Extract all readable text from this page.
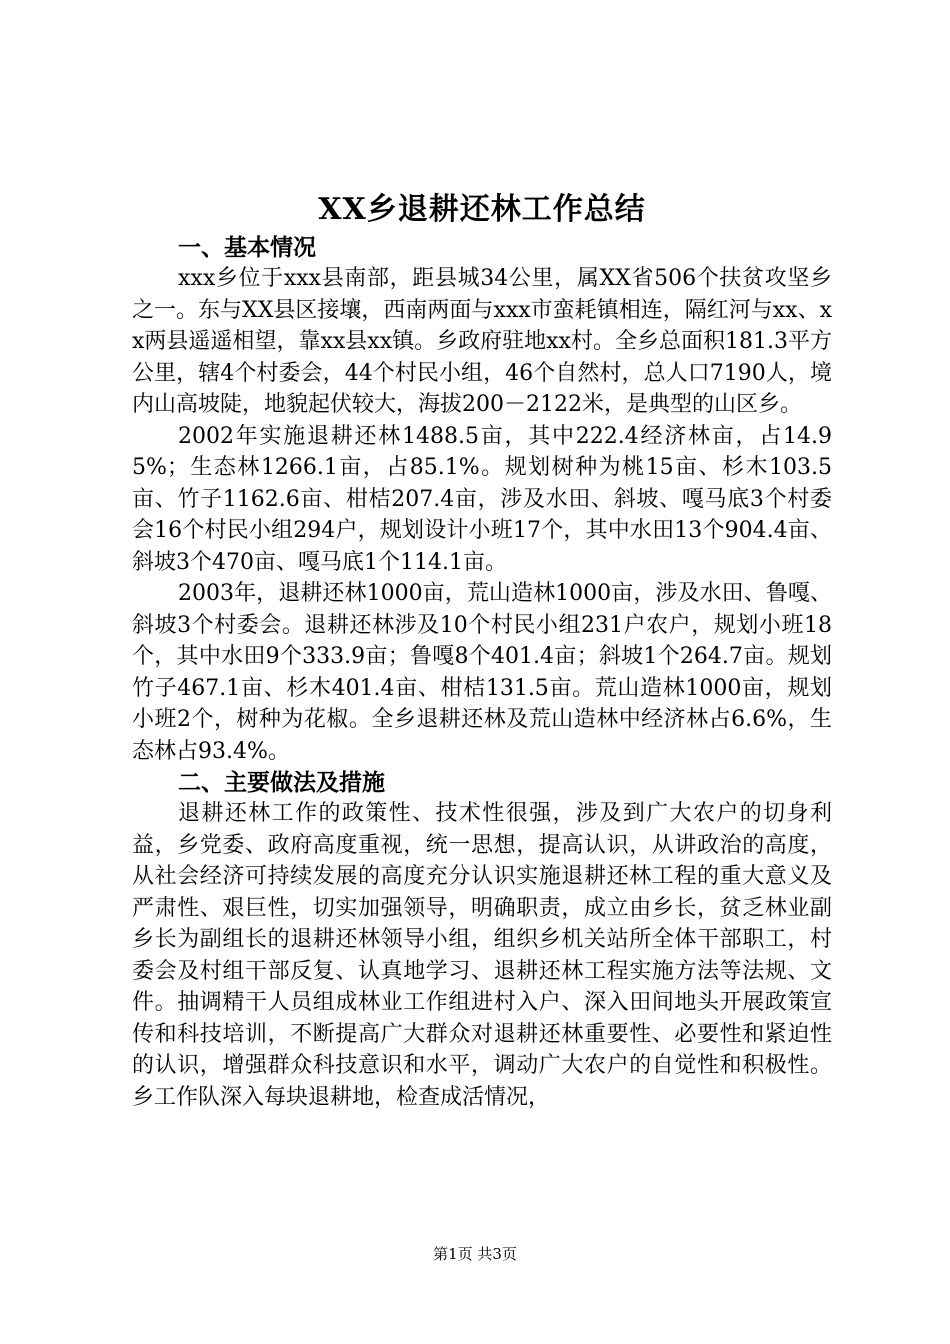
XX乡退耕还林工作总结
一、基本情况

xxx乡位于xxx县南部，距县城34公里，属XX省506个扶贫攻坚乡之一。东与XX县区接壤，西南两面与xxx市蛮耗镇相连，隔红河与xx、xx两县遥遥相望，靠xx县xx镇。乡政府驻地xx村。全乡总面积181.3平方公里，辖4个村委会，44个村民小组，46个自然村，总人口7190人，境内山高坡陡，地貌起伏较大，海拔200－2122米，是典型的山区乡。

2002年实施退耕还林1488.5亩，其中222.4经济林亩，占14.95%；生态林1266.1亩，占85.1%。规划树种为桃15亩、杉木103.5亩、竹子1162.6亩、柑桔207.4亩，涉及水田、斜坡、嘎马底3个村委会16个村民小组294户，规划设计小班17个，其中水田13个904.4亩、斜坡3个470亩、嘎马底1个114.1亩。

2003年，退耕还林1000亩，荒山造林1000亩，涉及水田、鲁嘎、斜坡3个村委会。退耕还林涉及10个村民小组231户农户，规划小班18个，其中水田9个333.9亩；鲁嘎8个401.4亩；斜坡1个264.7亩。规划竹子467.1亩、杉木401.4亩、柑桔131.5亩。荒山造林1000亩，规划小班2个，树种为花椒。全乡退耕还林及荒山造林中经济林占6.6%，生态林占93.4%。

二、主要做法及措施

退耕还林工作的政策性、技术性很强，涉及到广大农户的切身利益，乡党委、政府高度重视，统一思想，提高认识，从讲政治的高度，从社会经济可持续发展的高度充分认识实施退耕还林工程的重大意义及严肃性、艰巨性，切实加强领导，明确职责，成立由乡长，贫乏林业副乡长为副组长的退耕还林领导小组，组织乡机关站所全体干部职工，村委会及村组干部反复、认真地学习、退耕还林工程实施方法等法规、文件。抽调精干人员组成林业工作组进村入户、深入田间地头开展政策宣传和科技培训，不断提高广大群众对退耕还林重要性、必要性和紧迫性的认识，增强群众科技意识和水平，调动广大农户的自觉性和积极性。乡工作队深入每块退耕地，检查成活情况，

第1页 共3页
